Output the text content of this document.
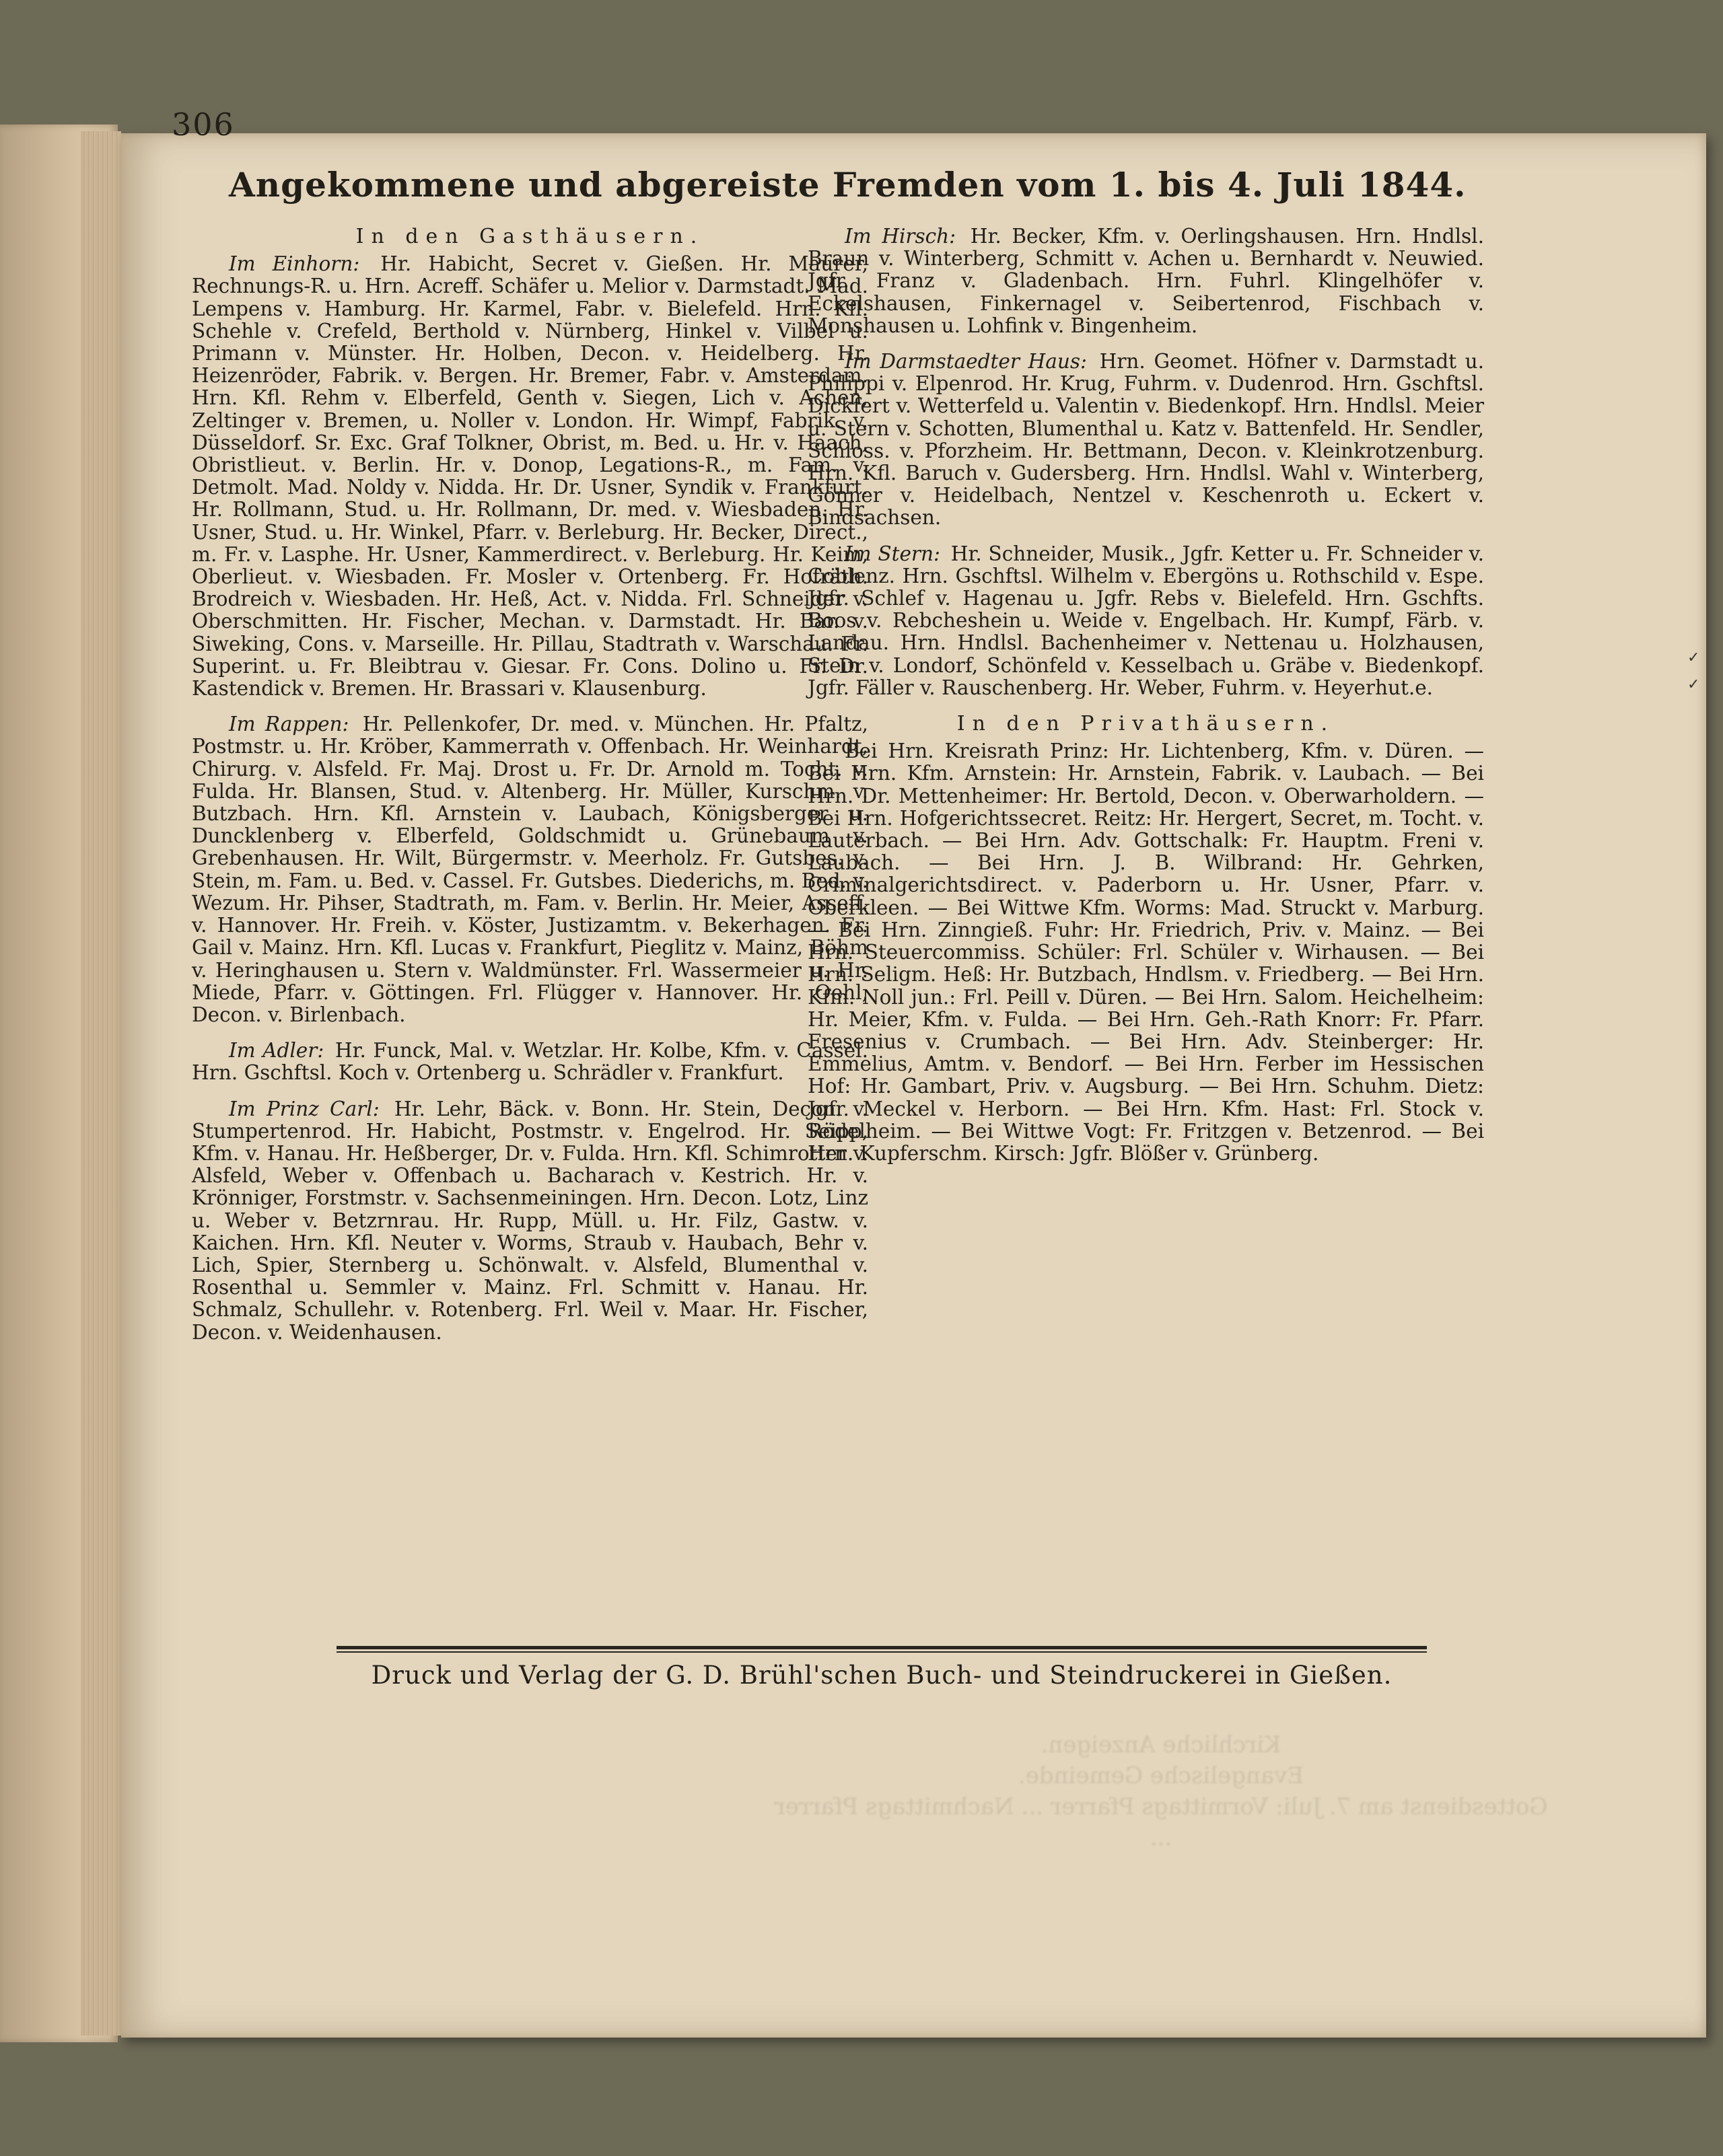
✓
✓
306
Angekommene und abgereiste Fremden vom 1. bis 4. Juli 1844.
In den Gasthäusern.

Im Einhorn: Hr. Habicht, Secret v. Gießen. Hr. Maurer, Rechnungs-R. u. Hrn. Acreff. Schäfer u. Melior v. Darmstadt. Mad. Lempens v. Hamburg. Hr. Karmel, Fabr. v. Bielefeld. Hrn. Kfl. Schehle v. Crefeld, Berthold v. Nürnberg, Hinkel v. Vilbel u. Primann v. Münster. Hr. Holben, Decon. v. Heidelberg. Hr. Heizenröder, Fabrik. v. Bergen. Hr. Bremer, Fabr. v. Amsterdam. Hrn. Kfl. Rehm v. Elberfeld, Genth v. Siegen, Lich v. Achen, Zeltinger v. Bremen, u. Noller v. London. Hr. Wimpf, Fabrik. v. Düsseldorf. Sr. Exc. Graf Tolkner, Obrist, m. Bed. u. Hr. v. Haach, Obristlieut. v. Berlin. Hr. v. Donop, Legations-R., m. Fam. v. Detmolt. Mad. Noldy v. Nidda. Hr. Dr. Usner, Syndik v. Frankfurt. Hr. Rollmann, Stud. u. Hr. Rollmann, Dr. med. v. Wiesbaden. Hr. Usner, Stud. u. Hr. Winkel, Pfarr. v. Berleburg. Hr. Becker, Direct., m. Fr. v. Lasphe. Hr. Usner, Kammerdirect. v. Berleburg. Hr. Keim, Oberlieut. v. Wiesbaden. Fr. Mosler v. Ortenberg. Fr. Hofräth. Brodreich v. Wiesbaden. Hr. Heß, Act. v. Nidda. Frl. Schneider v. Oberschmitten. Hr. Fischer, Mechan. v. Darmstadt. Hr. Bar. v. Siweking, Cons. v. Marseille. Hr. Pillau, Stadtrath v. Warschau. Fr. Superint. u. Fr. Bleibtrau v. Giesar. Fr. Cons. Dolino u. Fr. Dr. Kastendick v. Bremen. Hr. Brassari v. Klausenburg.

Im Rappen: Hr. Pellenkofer, Dr. med. v. München. Hr. Pfaltz, Postmstr. u. Hr. Kröber, Kammerrath v. Offenbach. Hr. Weinhardt, Chirurg. v. Alsfeld. Fr. Maj. Drost u. Fr. Dr. Arnold m. Tocht. v. Fulda. Hr. Blansen, Stud. v. Altenberg. Hr. Müller, Kurschm. v. Butzbach. Hrn. Kfl. Arnstein v. Laubach, Königsberger u. Duncklenberg v. Elberfeld, Goldschmidt u. Grünebaum v. Grebenhausen. Hr. Wilt, Bürgermstr. v. Meerholz. Fr. Gutsbes. v. Stein, m. Fam. u. Bed. v. Cassel. Fr. Gutsbes. Diederichs, m. Bed. v. Wezum. Hr. Pihser, Stadtrath, m. Fam. v. Berlin. Hr. Meier, Asseff. v. Hannover. Hr. Freih. v. Köster, Justizamtm. v. Bekerhagen. Fr. Gail v. Mainz. Hrn. Kfl. Lucas v. Frankfurt, Pieglitz v. Mainz, Böhm v. Heringhausen u. Stern v. Waldmünster. Frl. Wassermeier u. Hr. Miede, Pfarr. v. Göttingen. Frl. Flügger v. Hannover. Hr. Oehl, Decon. v. Birlenbach.

Im Adler: Hr. Funck, Mal. v. Wetzlar. Hr. Kolbe, Kfm. v. Cassel. Hrn. Gschftsl. Koch v. Ortenberg u. Schrädler v. Frankfurt.

Im Prinz Carl: Hr. Lehr, Bäck. v. Bonn. Hr. Stein, Decon. v. Stumpertenrod. Hr. Habicht, Postmstr. v. Engelrod. Hr. Seipp, Kfm. v. Hanau. Hr. Heßberger, Dr. v. Fulda. Hrn. Kfl. Schimrotter v. Alsfeld, Weber v. Offenbach u. Bacharach v. Kestrich. Hr. v. Krönniger, Forstmstr. v. Sachsenmeiningen. Hrn. Decon. Lotz, Linz u. Weber v. Betzrnrau. Hr. Rupp, Müll. u. Hr. Filz, Gastw. v. Kaichen. Hrn. Kfl. Neuter v. Worms, Straub v. Haubach, Behr v. Lich, Spier, Sternberg u. Schönwalt. v. Alsfeld, Blumenthal v. Rosenthal u. Semmler v. Mainz. Frl. Schmitt v. Hanau. Hr. Schmalz, Schullehr. v. Rotenberg. Frl. Weil v. Maar. Hr. Fischer, Decon. v. Weidenhausen.

Im Hirsch: Hr. Becker, Kfm. v. Oerlingshausen. Hrn. Hndlsl. Braun v. Winterberg, Schmitt v. Achen u. Bernhardt v. Neuwied. Jgfr. Franz v. Gladenbach. Hrn. Fuhrl. Klingelhöfer v. Eckelshausen, Finkernagel v. Seibertenrod, Fischbach v. Monshausen u. Lohfink v. Bingenheim.

Im Darmstaedter Haus: Hrn. Geomet. Höfner v. Darmstadt u. Philippi v. Elpenrod. Hr. Krug, Fuhrm. v. Dudenrod. Hrn. Gschftsl. Dickfert v. Wetterfeld u. Valentin v. Biedenkopf. Hrn. Hndlsl. Meier u. Stern v. Schotten, Blumenthal u. Katz v. Battenfeld. Hr. Sendler, Schloss. v. Pforzheim. Hr. Bettmann, Decon. v. Kleinkrotzenburg. Hrn. Kfl. Baruch v. Gudersberg. Hrn. Hndlsl. Wahl v. Winterberg, Gönner v. Heidelbach, Nentzel v. Keschenroth u. Eckert v. Bindsachsen.

Im Stern: Hr. Schneider, Musik., Jgfr. Ketter u. Fr. Schneider v. Coblenz. Hrn. Gschftsl. Wilhelm v. Ebergöns u. Rothschild v. Espe. Jgfr. Schlef v. Hagenau u. Jgfr. Rebs v. Bielefeld. Hrn. Gschfts. Boos v. Rebcheshein u. Weide v. Engelbach. Hr. Kumpf, Färb. v. Landau. Hrn. Hndlsl. Bachenheimer v. Nettenau u. Holzhausen, Stein v. Londorf, Schönfeld v. Kesselbach u. Gräbe v. Biedenkopf. Jgfr. Fäller v. Rauschenberg. Hr. Weber, Fuhrm. v. Heyerhut.e.

In den Privathäusern.

Bei Hrn. Kreisrath Prinz: Hr. Lichtenberg, Kfm. v. Düren. — Bei Hrn. Kfm. Arnstein: Hr. Arnstein, Fabrik. v. Laubach. — Bei Hrn. Dr. Mettenheimer: Hr. Bertold, Decon. v. Oberwarholdern. — Bei Hrn. Hofgerichtssecret. Reitz: Hr. Hergert, Secret, m. Tocht. v. Lauterbach. — Bei Hrn. Adv. Gottschalk: Fr. Hauptm. Freni v. Laubach. — Bei Hrn. J. B. Wilbrand: Hr. Gehrken, Criminalgerichtsdirect. v. Paderborn u. Hr. Usner, Pfarr. v. Oberkleen. — Bei Wittwe Kfm. Worms: Mad. Struckt v. Marburg. — Bei Hrn. Zinngieß. Fuhr: Hr. Friedrich, Priv. v. Mainz. — Bei Hrn. Steuercommiss. Schüler: Frl. Schüler v. Wirhausen. — Bei Hrn. Seligm. Heß: Hr. Butzbach, Hndlsm. v. Friedberg. — Bei Hrn. Kfm. Noll jun.: Frl. Peill v. Düren. — Bei Hrn. Salom. Heichelheim: Hr. Meier, Kfm. v. Fulda. — Bei Hrn. Geh.-Rath Knorr: Fr. Pfarr. Fresenius v. Crumbach. — Bei Hrn. Adv. Steinberger: Hr. Emmelius, Amtm. v. Bendorf. — Bei Hrn. Ferber im Hessischen Hof: Hr. Gambart, Priv. v. Augsburg. — Bei Hrn. Schuhm. Dietz: Jgfr. Meckel v. Herborn. — Bei Hrn. Kfm. Hast: Frl. Stock v. Rödelheim. — Bei Wittwe Vogt: Fr. Fritzgen v. Betzenrod. — Bei Hrn. Kupferschm. Kirsch: Jgfr. Blößer v. Grünberg.

Druck und Verlag der G. D. Brühl'schen Buch- und Steindruckerei in Gießen.
Kirchliche Anzeigen.
Evangelische Gemeinde.
Gottesdienst am 7. Juli: Vormittags Pfarrer ... Nachmittags Pfarrer ...
